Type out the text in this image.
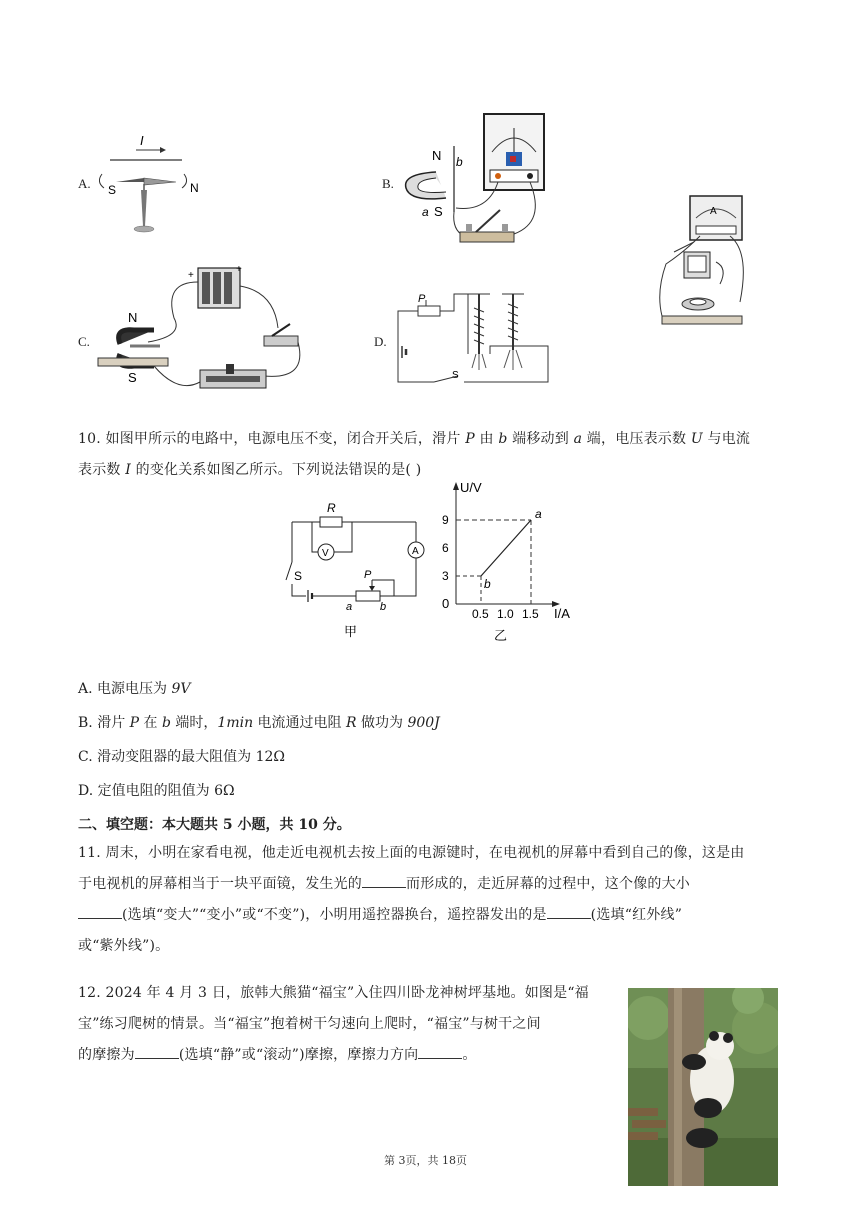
A.
I
S	N	B.
N b
a S	A
C.
+
+
N
S
D.
P
S
10. 如图甲所示的电路中，电源电压不变，闭合开关后，滑片 P 由 b 端移动到 a 端，电压表示数 U 与电流
表示数 I 的变化关系如图乙所示。下列说法错误的是( )
R
V	A
S	P
a	b
甲
U/V
I/A
0
3
6
9
0.5 1.0 1.5
a
b
乙
A. 电源电压为 9V
B. 滑片 P 在 b 端时，1min 电流通过电阻 R 做功为 900J
C. 滑动变阻器的最大阻值为 12Ω
D. 定值电阻的阻值为 6Ω
二、填空题：本大题共 5 小题，共 10 分。
11. 周末，小明在家看电视，他走近电视机去按上面的电源键时，在电视机的屏幕中看到自己的像，这是由
于电视机的屏幕相当于一块平面镜，发生光的	而形成的，走近屏幕的过程中，这个像的大小
(选填“变大”“变小”或“不变”)，小明用遥控器换台，遥控器发出的是	(选填“红外线”
或“紫外线”)。
12. 2024 年 4 月 3 日，旅韩大熊猫“福宝”入住四川卧龙神树坪基地。如图是“福
宝”练习爬树的情景。当“福宝”抱着树干匀速向上爬时，“福宝”与树干之间
的摩擦为	(选填“静”或“滚动”)摩擦，摩擦力方向	。
第 3页，共 18页
